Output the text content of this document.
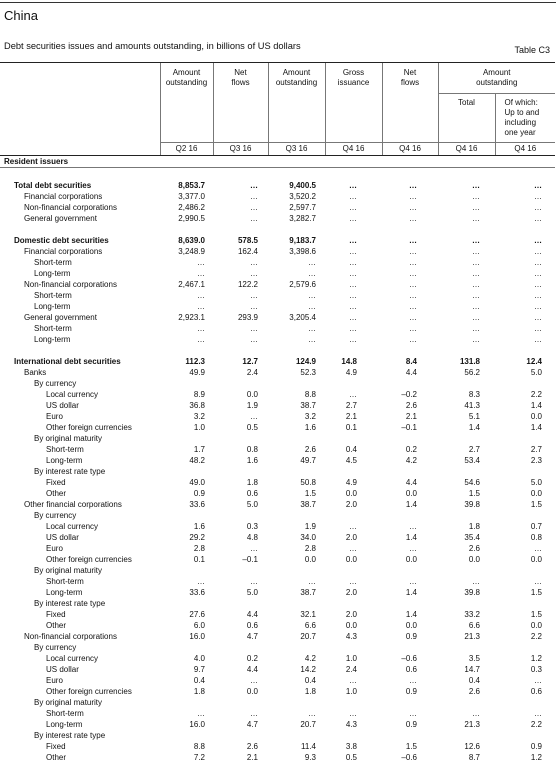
China
Debt securities issues and amounts outstanding, in billions of US dollars	Table C3
	Amount
outstanding	Net
flows	Amount
outstanding	Gross
issuance	Net
flows	Amount
outstanding	
						Total	Of which:
Up to and
including
one year
	Q2 16	Q3 16	Q3 16	Q4 16	Q4 16	Q4 16	Q4 16
Resident issuers							

Total debt securities	8,853.7	…	9,400.5	…	…	…	…
Financial corporations	3,377.0	…	3,520.2	…	…	…	…
Non-financial corporations	2,486.2	…	2,597.7	…	…	…	…
General government	2,990.5	…	3,282.7	…	…	…	…

Domestic debt securities	8,639.0	578.5	9,183.7	…	…	…	…
Financial corporations	3,248.9	162.4	3,398.6	…	…	…	…
Short-term	…	…	…	…	…	…	…
Long-term	…	…	…	…	…	…	…
Non-financial corporations	2,467.1	122.2	2,579.6	…	…	…	…
Short-term	…	…	…	…	…	…	…
Long-term	…	…	…	…	…	…	…
General government	2,923.1	293.9	3,205.4	…	…	…	…
Short-term	…	…	…	…	…	…	…
Long-term	…	…	…	…	…	…	…

International debt securities	112.3	12.7	124.9	14.8	8.4	131.8	12.4
Banks	49.9	2.4	52.3	4.9	4.4	56.2	5.0
By currency							
Local currency	8.9	0.0	8.8	…	–0.2	8.3	2.2
US dollar	36.8	1.9	38.7	2.7	2.6	41.3	1.4
Euro	3.2	…	3.2	2.1	2.1	5.1	0.0
Other foreign currencies	1.0	0.5	1.6	0.1	–0.1	1.4	1.4
By original maturity							
Short-term	1.7	0.8	2.6	0.4	0.2	2.7	2.7
Long-term	48.2	1.6	49.7	4.5	4.2	53.4	2.3
By interest rate type							
Fixed	49.0	1.8	50.8	4.9	4.4	54.6	5.0
Other	0.9	0.6	1.5	0.0	0.0	1.5	0.0
Other financial corporations	33.6	5.0	38.7	2.0	1.4	39.8	1.5
By currency							
Local currency	1.6	0.3	1.9	…	…	1.8	0.7
US dollar	29.2	4.8	34.0	2.0	1.4	35.4	0.8
Euro	2.8	…	2.8	…	…	2.6	…
Other foreign currencies	0.1	–0.1	0.0	0.0	0.0	0.0	0.0
By original maturity							
Short-term	…	…	…	…	…	…	…
Long-term	33.6	5.0	38.7	2.0	1.4	39.8	1.5
By interest rate type							
Fixed	27.6	4.4	32.1	2.0	1.4	33.2	1.5
Other	6.0	0.6	6.6	0.0	0.0	6.6	0.0
Non-financial corporations	16.0	4.7	20.7	4.3	0.9	21.3	2.2
By currency							
Local currency	4.0	0.2	4.2	1.0	–0.6	3.5	1.2
US dollar	9.7	4.4	14.2	2.4	0.6	14.7	0.3
Euro	0.4	…	0.4	…	…	0.4	…
Other foreign currencies	1.8	0.0	1.8	1.0	0.9	2.6	0.6
By original maturity							
Short-term	…	…	…	…	…	…	…
Long-term	16.0	4.7	20.7	4.3	0.9	21.3	2.2
By interest rate type							
Fixed	8.8	2.6	11.4	3.8	1.5	12.6	0.9
Other	7.2	2.1	9.3	0.5	–0.6	8.7	1.2
